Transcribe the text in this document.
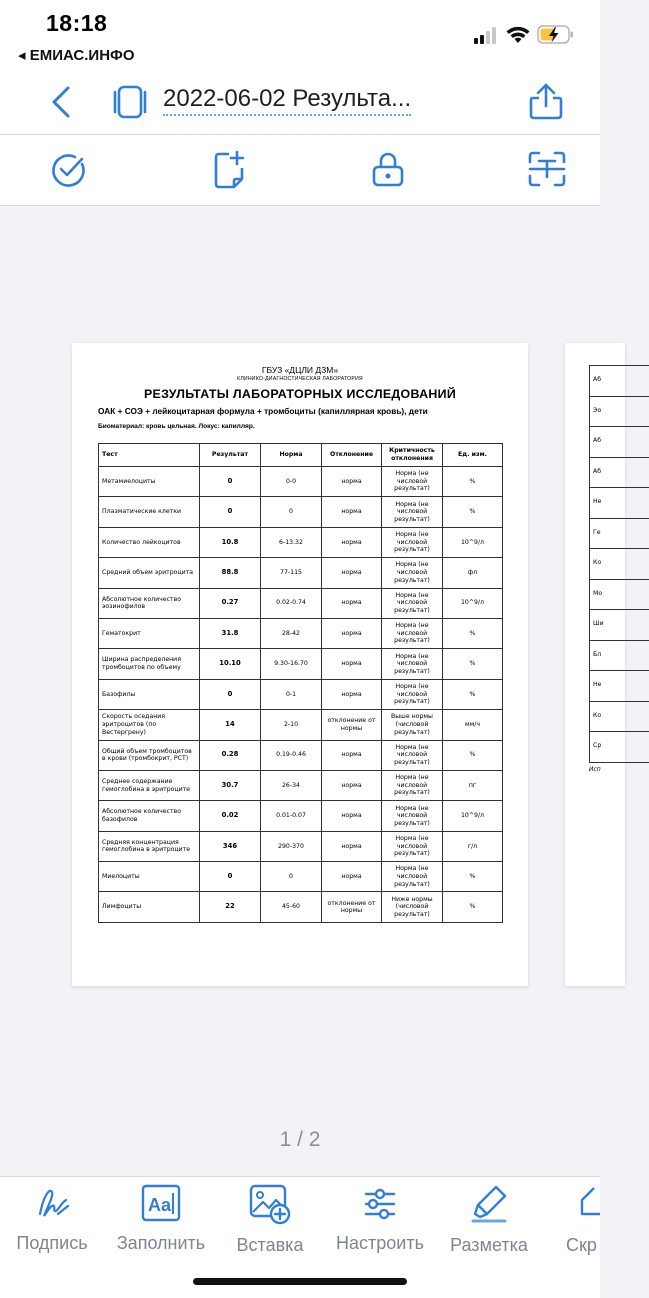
18:18
◂ ЕМИАС.ИНФО
2022-06-02 Результа...
ГБУЗ «ДЦЛИ ДЗМ»
КЛИНИКО-ДИАГНОСТИЧЕСКАЯ ЛАБОРАТОРИЯ
РЕЗУЛЬТАТЫ ЛАБОРАТОРНЫХ ИССЛЕДОВАНИЙ
ОАК + СОЭ + лейкоцитарная формула + тромбоциты (капиллярная кровь), дети
Биоматериал: кровь цельная. Локус: капилляр.
Тест	Результат	Норма	Отклонение	Критичность отклонения	Ед. изм.
Метамиелоциты	0	0-0	норма	Норма (не числовой результат)	%
Плазматические клетки	0	0	норма	Норма (не числовой результат)	%
Количество лейкоцитов	10.8	6-13.32	норма	Норма (не числовой результат)	10^9/л
Средний объем эритроцита	88.8	77-115	норма	Норма (не числовой результат)	фл
Абсолютное количество эозинофилов	0.27	0.02-0.74	норма	Норма (не числовой результат)	10^9/л
Гематокрит	31.8	28-42	норма	Норма (не числовой результат)	%
Ширина распределения тромбоцитов по объему	10.10	9.30-16.70	норма	Норма (не числовой результат)	%
Базофилы	0	0-1	норма	Норма (не числовой результат)	%
Скорость оседания эритроцитов (по Вестергрену)	14	2-10	отклонение от нормы	Выше нормы (числовой результат)	мм/ч
Общий объем тромбоцитов в крови (тромбокрит, PCT)	0.28	0.19-0.46	норма	Норма (не числовой результат)	%
Среднее содержание гемоглобина в эритроците	30.7	26-34	норма	Норма (не числовой результат)	пг
Абсолютное количество базофилов	0.02	0.01-0.07	норма	Норма (не числовой результат)	10^9/л
Средняя концентрация гемоглобина в эритроците	346	290-370	норма	Норма (не числовой результат)	г/л
Миелоциты	0	0	норма	Норма (не числовой результат)	%
Лимфоциты	22	45-60	отклонение от нормы	Ниже нормы (числовой результат)	%
Аб
Эо
Аб
Аб
Не
Ге
Ко
Мо
Ши
Бл
Не
Ко
Ср
Исп
1 / 2
Подпись
Aa
Заполнить	Вставка	Настроить	Разметка	Скр
